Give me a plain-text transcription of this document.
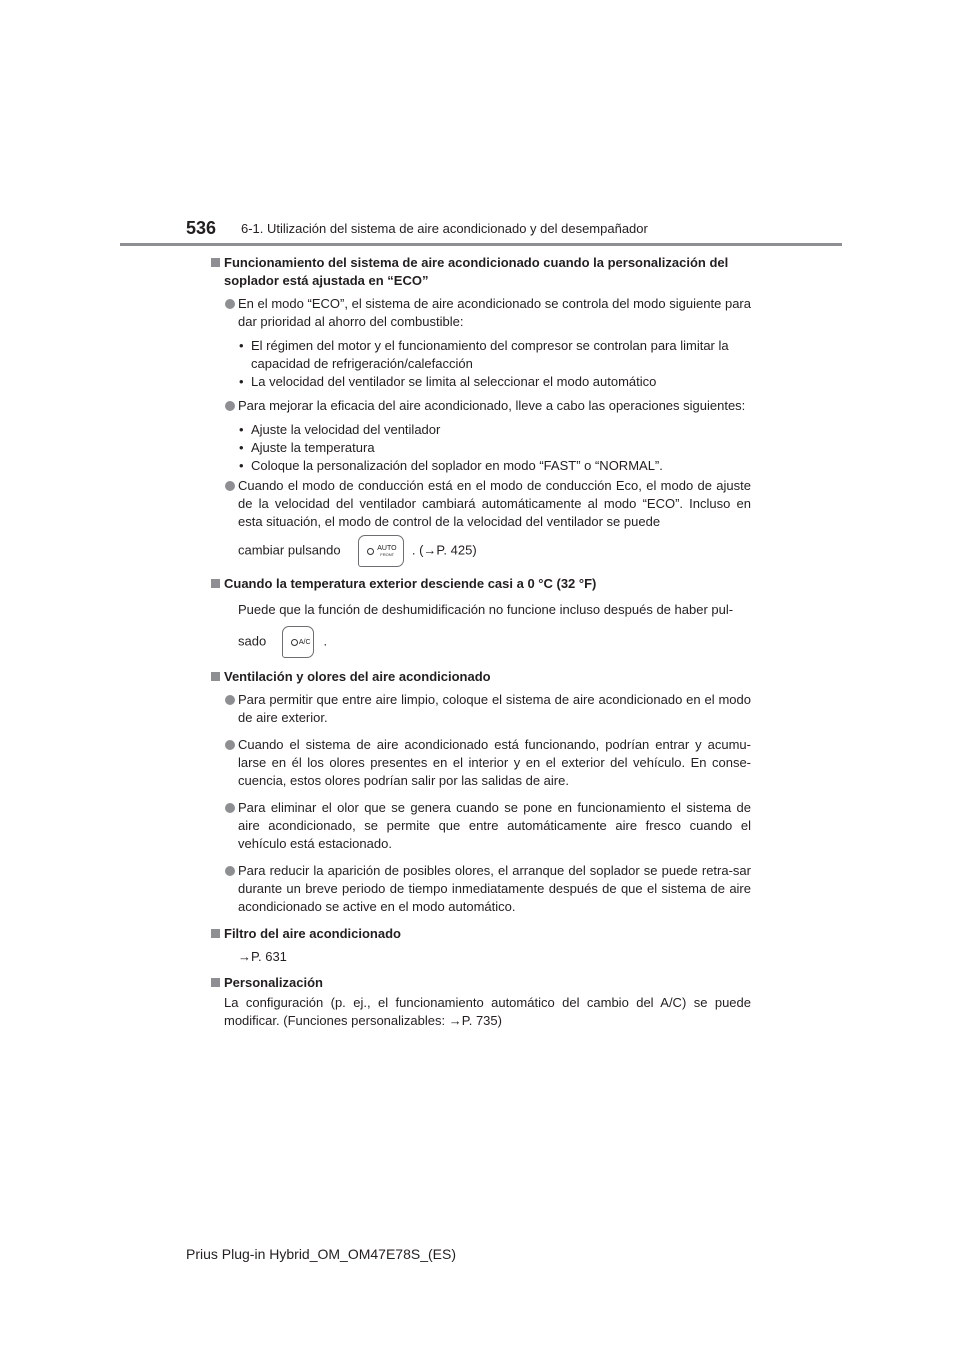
536 6-1. Utilización del sistema de aire acondicionado y del desempañador
Funcionamiento del sistema de aire acondicionado cuando la personalización del soplador está ajustada en “ECO”
En el modo “ECO”, el sistema de aire acondicionado se controla del modo siguiente para dar prioridad al ahorro del combustible:
• El régimen del motor y el funcionamiento del compresor se controlan para limitar la capacidad de refrigeración/calefacción
• La velocidad del ventilador se limita al seleccionar el modo automático
Para mejorar la eficacia del aire acondicionado, lleve a cabo las operaciones siguientes:
• Ajuste la velocidad del ventilador
• Ajuste la temperatura
• Coloque la personalización del soplador en modo “FAST” o “NORMAL”.
Cuando el modo de conducción está en el modo de conducción Eco, el modo de ajuste de la velocidad del ventilador cambiará automáticamente al modo “ECO”. Incluso en esta situación, el modo de control de la velocidad del ventilador se puede
cambiar pulsando	AUTO
FRONT . (→P. 425)
Cuando la temperatura exterior desciende casi a 0 °C (32 °F)
Puede que la función de deshumidificación no funcione incluso después de haber pul-
sado	A/C .
Ventilación y olores del aire acondicionado
Para permitir que entre aire limpio, coloque el sistema de aire acondicionado en el modo de aire exterior.
Cuando el sistema de aire acondicionado está funcionando, podrían entrar y acumu-larse en él los olores presentes en el interior y en el exterior del vehículo. En conse-cuencia, estos olores podrían salir por las salidas de aire.
Para eliminar el olor que se genera cuando se pone en funcionamiento el sistema de aire acondicionado, se permite que entre automáticamente aire fresco cuando el vehículo está estacionado.
Para reducir la aparición de posibles olores, el arranque del soplador se puede retra-sar durante un breve periodo de tiempo inmediatamente después de que el sistema de aire acondicionado se active en el modo automático.
Filtro del aire acondicionado
→P. 631
Personalización
La configuración (p. ej., el funcionamiento automático del cambio del A/C) se puede modificar. (Funciones personalizables: →P. 735)
Prius Plug-in Hybrid_OM_OM47E78S_(ES)
